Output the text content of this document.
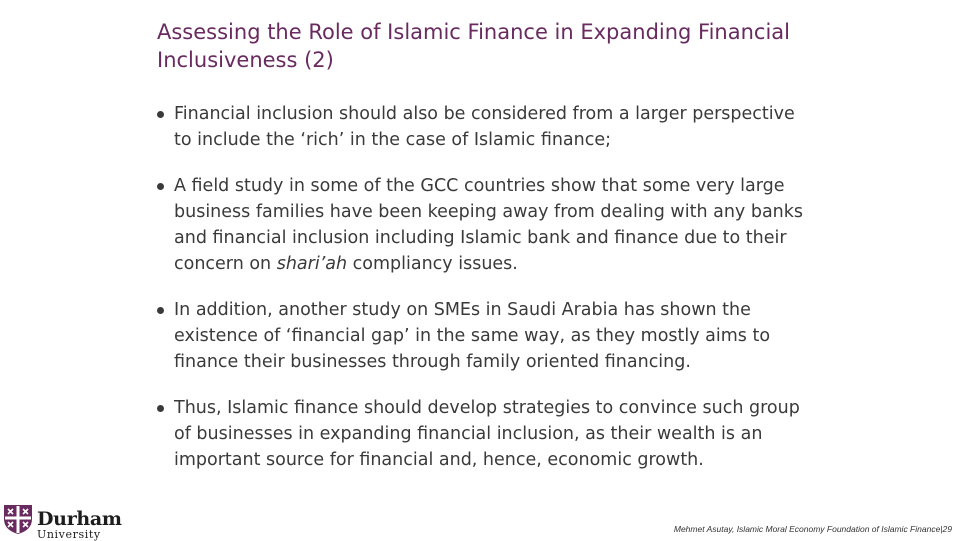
Assessing the Role of Islamic Finance in Expanding Financial
Inclusiveness (2)
Financial inclusion should also be considered from a larger perspective to include the ‘rich’ in the case of Islamic finance;
A field study in some of the GCC countries show that some very large business families have been keeping away from dealing with any banks and financial inclusion including Islamic bank and finance due to their concern on shari’ah compliancy issues.
In addition, another study on SMEs in Saudi Arabia has shown the existence of ‘financial gap’ in the same way, as they mostly aims to finance their businesses through family oriented financing.
Thus, Islamic finance should develop strategies to convince such group of businesses in expanding financial inclusion, as their wealth is an important source for financial and, hence, economic growth.
Durham
University	Mehmet Asutay, Islamic Moral Economy Foundation of Islamic Finance|29
